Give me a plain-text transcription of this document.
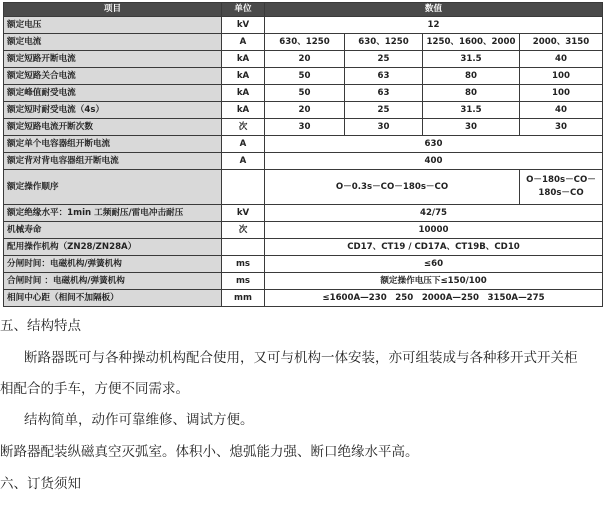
项目	单位	数值			
额定电压	kV	12			
额定电流	A	630、1250	630、1250	1250、1600、2000	2000、3150
额定短路开断电流	kA	20	25	31.5	40
额定短路关合电流	kA	50	63	80	100
额定峰值耐受电流	kA	50	63	80	100
额定短时耐受电流（4s）	kA	20	25	31.5	40
额定短路电流开断次数	次	30	30	30	30
额定单个电容器组开断电流	A	630			
额定背对背电容器组开断电流	A	400			
额定操作顺序		O－0.3s－CO－180s－CO			O－180s－CO－180s－CO
额定绝缘水平：1min 工频耐压/雷电冲击耐压	kV	42/75			
机械寿命	次	10000			
配用操作机构（ZN28/ZN28A）		CD17、CT19 / CD17A、CT19B、CD10			
分闸时间：电磁机构/弹簧机构	ms	≤60			
合闸时间 ：电磁机构/弹簧机构	ms	额定操作电压下≤150/100			
相间中心距（相间不加隔板）	mm	≤1600A—230　250　2000A—250　3150A—275			
五、结构特点
断路器既可与各种操动机构配合使用，又可与机构一体安装，亦可组装成与各种移开式开关柜
相配合的手车，方便不同需求。
结构简单，动作可靠维修、调试方便。
断路器配装纵磁真空灭弧室。体积小、熄弧能力强、断口绝缘水平高。
六、订货须知
